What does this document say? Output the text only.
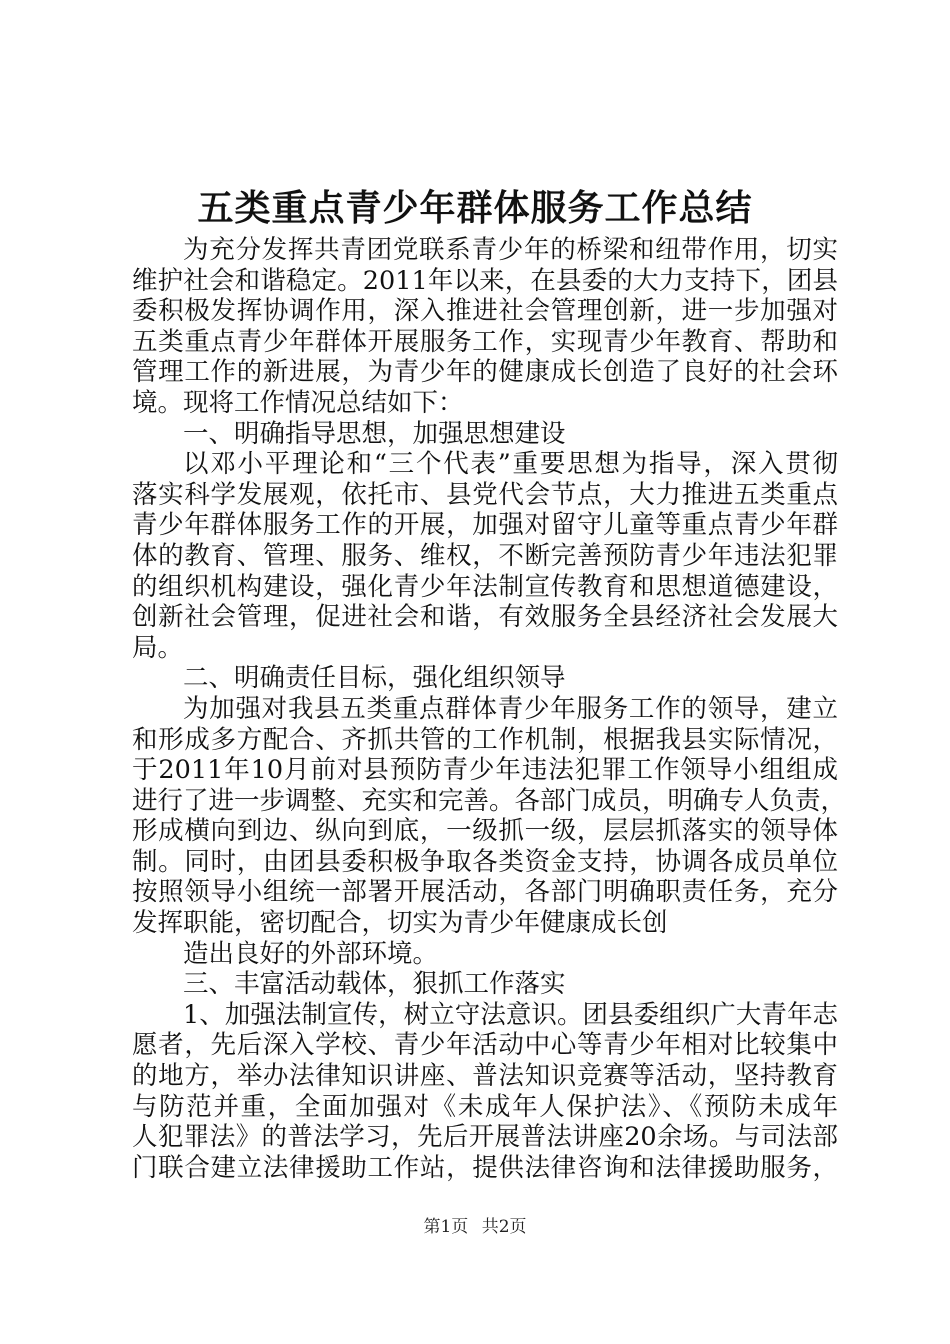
五类重点青少年群体服务工作总结
为充分发挥共青团党联系青少年的桥梁和纽带作用，切实
维护社会和谐稳定。2011年以来，在县委的大力支持下，团县
委积极发挥协调作用，深入推进社会管理创新，进一步加强对
五类重点青少年群体开展服务工作，实现青少年教育、帮助和
管理工作的新进展，为青少年的健康成长创造了良好的社会环
境。现将工作情况总结如下：
一、明确指导思想，加强思想建设
以邓小平理论和“三个代表”重要思想为指导，深入贯彻
落实科学发展观，依托市、县党代会节点，大力推进五类重点
青少年群体服务工作的开展，加强对留守儿童等重点青少年群
体的教育、管理、服务、维权，不断完善预防青少年违法犯罪
的组织机构建设，强化青少年法制宣传教育和思想道德建设，
创新社会管理，促进社会和谐，有效服务全县经济社会发展大
局。
二、明确责任目标，强化组织领导
为加强对我县五类重点群体青少年服务工作的领导，建立
和形成多方配合、齐抓共管的工作机制，根据我县实际情况，
于2011年10月前对县预防青少年违法犯罪工作领导小组组成
进行了进一步调整、充实和完善。各部门成员，明确专人负责，
形成横向到边、纵向到底，一级抓一级，层层抓落实的领导体
制。同时，由团县委积极争取各类资金支持，协调各成员单位
按照领导小组统一部署开展活动，各部门明确职责任务，充分
发挥职能，密切配合，切实为青少年健康成长创
造出良好的外部环境。
三、丰富活动载体，狠抓工作落实
1、加强法制宣传，树立守法意识。团县委组织广大青年志
愿者，先后深入学校、青少年活动中心等青少年相对比较集中
的地方，举办法律知识讲座、普法知识竞赛等活动，坚持教育
与防范并重，全面加强对《未成年人保护法》、《预防未成年
人犯罪法》的普法学习，先后开展普法讲座20余场。与司法部
门联合建立法律援助工作站，提供法律咨询和法律援助服务，
第1页 共2页
